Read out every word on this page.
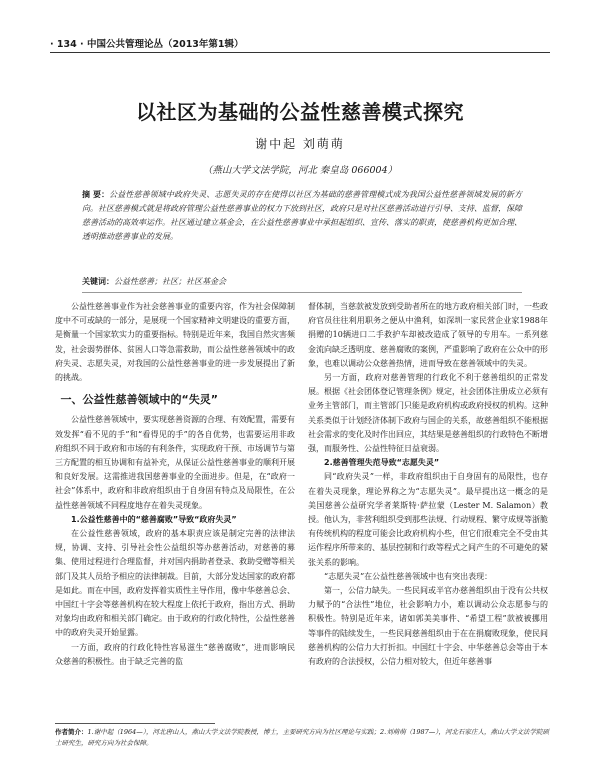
· 134 · 中国公共管理论丛（2013年第1辑）
以社区为基础的公益性慈善模式探究
谢中起 刘萌萌
（燕山大学文法学院，河北 秦皇岛 066004）
摘 要：公益性慈善领域中政府失灵、志愿失灵的存在使得以社区为基础的慈善管理模式成为我国公益性慈善领域发展的新方向。社区慈善模式就是将政府管理公益性慈善事业的权力下放到社区，政府只是对社区慈善活动进行引导、支持、监督，保障慈善活动的高效率运作。社区通过建立基金会，在公益性慈善事业中承担起组织、宣传、落实的职责，使慈善机构更加合理、透明推动慈善事业的发展。
关键词：公益性慈善；社区；社区基金会

公益性慈善事业作为社会慈善事业的重要内容，作为社会保障制度中不可或缺的一部分，是展现一个国家精神文明建设的重要方面，是衡量一个国家软实力的重要指标。特别是近年来，我国自然灾害频发，社会弱势群体、贫困人口等急需救助，而公益性慈善领域中的政府失灵、志愿失灵，对我国的公益性慈善事业的进一步发展提出了新的挑战。

一、公益性慈善领域中的“失灵”

公益性慈善领域中，要实现慈善资源的合理、有效配置，需要有效发挥“看不见的手”和“看得见的手”的各自优势，也需要运用非政府组织不同于政府和市场的有利条件，实现政府干预、市场调节与第三方配置的相互协调和有益补充，从保证公益性慈善事业的顺利开展和良好发展。这需推进我国慈善事业的全面进步。但是，在“政府一社会”体系中，政府和非政府组织由于自身固有特点及局限性，在公益性慈善领域不同程度地存在着失灵现象。

1.公益性慈善中的“慈善腐败”导致“政府失灵”

在公益性慈善领域，政府的基本职责应该是制定完善的法律法规，协调、支持、引导社会性公益组织等办慈善活动，对慈善的募集、使用过程进行合理监督，并对国内捐助者登录、救助受赠等相关部门及其人员给予相应的法律制裁。目前，大部分发达国家的政府都是如此。而在中国，政府发挥着实质性主导作用，像中华慈善总会、中国红十字会等慈善机构在较大程度上依托于政府，指出方式、捐助对象均由政府和相关部门确定。由于政府的行政化特性，公益性慈善中的政府失灵开始显露。

一方面，政府的行政化特性容易滋生“慈善腐败”，进而影响民众慈善的积极性。由于缺乏完善的监

督体制，当慈款被发放到受助者所在的地方政府相关部门时，一些政府官员往往利用职务之便从中渔利，如深圳一家民营企业家1988年捐赠的10辆进口二手救护车却被改造成了领导的专用车。一系列慈金流向缺乏透明度、慈善腐败的案例，严重影响了政府在公众中的形象，也难以调动公众慈善热情，进而导致在慈善领域中的失灵。

另一方面，政府对慈善管理的行政化不利于慈善组织的正常发展。根据《社会团体登记管理条例》规定，社会团体注册成立必须有业务主管部门，而主管部门只能是政府机构或政府授权的机构。这种关系类似于计划经济体制下政府与国企的关系，故慈善组织不能根据社会需求的变化及时作出回应，其结果是慈善组织的行政特色不断增强，而服务性、公益性特征日益衰弱。

2.慈善管理失范导致“志愿失灵”

同“政府失灵”一样，非政府组织由于自身固有的局限性，也存在着失灵现象，理论界称之为“志愿失灵”。最早提出这一概念的是美国慈善公益研究学者莱斯特·萨拉蒙（Lester M. Salamon）教授。他认为，非营利组织受到那些法规、行动规程、繁守成规等浙脆有传统机构的程度可能会比政府机构小些，但它们很难完全不受由其运作程序所带来的、基层控制和行政等程式之间产生的不可避免的紧张关系的影响。

“志愿失灵”在公益性慈善领域中也有突出表现：

第一，公信力缺失。一些民间或半官办慈善组织由于没有公共权力赋予的“合法性”地位，社会影响力小，难以调动公众志愿参与的积极性。特别是近年来，诸如郭美美事件、“希望工程”款被被挪用等事件的陆续发生，一些民间慈善组织由于在在捐腐败现象，使民间慈善机构的公信力大打折扣。中国红十字会、中华慈善总会等由于本有政府的合法授权，公信力相对较大，但近年慈善事

作者简介：1.谢中起（1964—），河北唐山人，燕山大学文法学院教授，博士，主要研究方向为社区理论与实践；2.刘萌萌（1987—），河北石家庄人，燕山大学文法学院硕士研究生，研究方向为社会保障。
